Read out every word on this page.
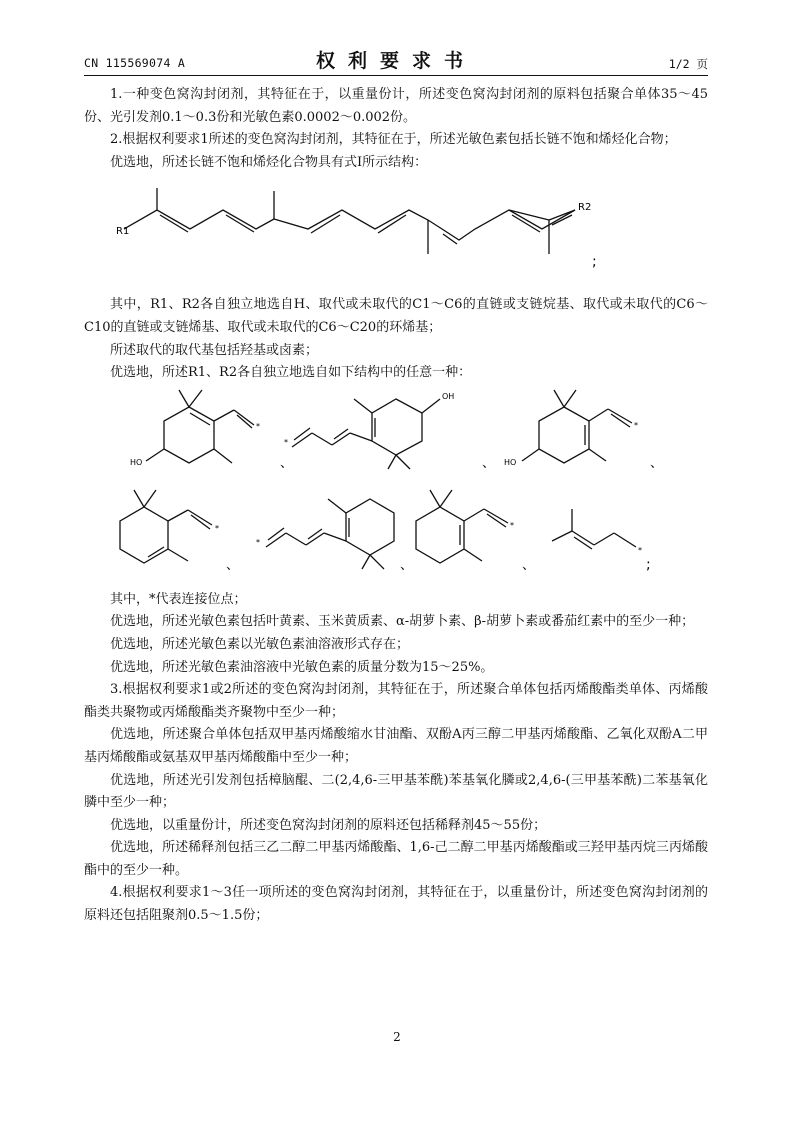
CN 115569074 A	权利要求书	1/2 页

1.一种变色窝沟封闭剂，其特征在于，以重量份计，所述变色窝沟封闭剂的原料包括聚合单体35～45份、光引发剂0.1～0.3份和光敏色素0.0002～0.002份。

2.根据权利要求1所述的变色窝沟封闭剂，其特征在于，所述光敏色素包括长链不饱和烯烃化合物；

优选地，所述长链不饱和烯烃化合物具有式I所示结构：

R1
R2
;

其中，R1、R2各自独立地选自H、取代或未取代的C1～C6的直链或支链烷基、取代或未取代的C6～C10的直链或支链烯基、取代或未取代的C6～C20的环烯基；

所述取代的取代基包括羟基或卤素；

优选地，所述R1、R2各自独立地选自如下结构中的任意一种：

*
HO	、
OH
*
、
*
HO	、
*
、
*
、
*
、
*
;

其中，*代表连接位点；

优选地，所述光敏色素包括叶黄素、玉米黄质素、α-胡萝卜素、β-胡萝卜素或番茄红素中的至少一种；

优选地，所述光敏色素以光敏色素油溶液形式存在；

优选地，所述光敏色素油溶液中光敏色素的质量分数为15～25%。

3.根据权利要求1或2所述的变色窝沟封闭剂，其特征在于，所述聚合单体包括丙烯酸酯类单体、丙烯酸酯类共聚物或丙烯酸酯类齐聚物中至少一种；

优选地，所述聚合单体包括双甲基丙烯酸缩水甘油酯、双酚A丙三醇二甲基丙烯酸酯、乙氧化双酚A二甲基丙烯酸酯或氨基双甲基丙烯酸酯中至少一种；

优选地，所述光引发剂包括樟脑醌、二(2,4,6-三甲基苯酰)苯基氧化膦或2,4,6-(三甲基苯酰)二苯基氧化膦中至少一种；

优选地，以重量份计，所述变色窝沟封闭剂的原料还包括稀释剂45～55份；

优选地，所述稀释剂包括三乙二醇二甲基丙烯酸酯、1,6-己二醇二甲基丙烯酸酯或三羟甲基丙烷三丙烯酸酯中的至少一种。

4.根据权利要求1～3任一项所述的变色窝沟封闭剂，其特征在于，以重量份计，所述变色窝沟封闭剂的原料还包括阻聚剂0.5～1.5份；

2
